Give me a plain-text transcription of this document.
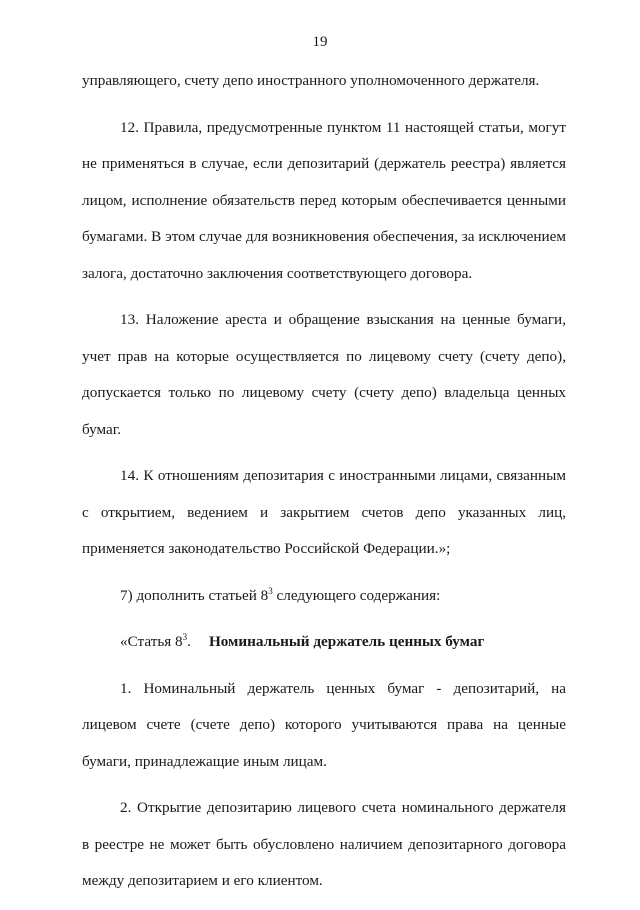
19

управляющего, счету депо иностранного уполномоченного держателя.

12. Правила, предусмотренные пунктом 11 настоящей статьи, могут не применяться в случае, если депозитарий (держатель реестра) является лицом, исполнение обязательств перед которым обеспечивается ценными бумагами. В этом случае для возникновения обеспечения, за исключением залога, достаточно заключения соответствующего договора.

13. Наложение ареста и обращение взыскания на ценные бумаги, учет прав на которые осуществляется по лицевому счету (счету депо), допускается только по лицевому счету (счету депо) владельца ценных бумаг.

14. К отношениям депозитария с иностранными лицами, связанным с открытием, ведением и закрытием счетов депо указанных лиц, применяется законодательство Российской Федерации.»;

7) дополнить статьей $8^3$ следующего содержания:

«Статья $8^3$. Номинальный держатель ценных бумаг

1. Номинальный держатель ценных бумаг - депозитарий, на лицевом счете (счете депо) которого учитываются права на ценные бумаги, принадлежащие иным лицам.

2. Открытие депозитарию лицевого счета номинального держателя в реестре не может быть обусловлено наличием депозитарного договора между депозитарием и его клиентом.
